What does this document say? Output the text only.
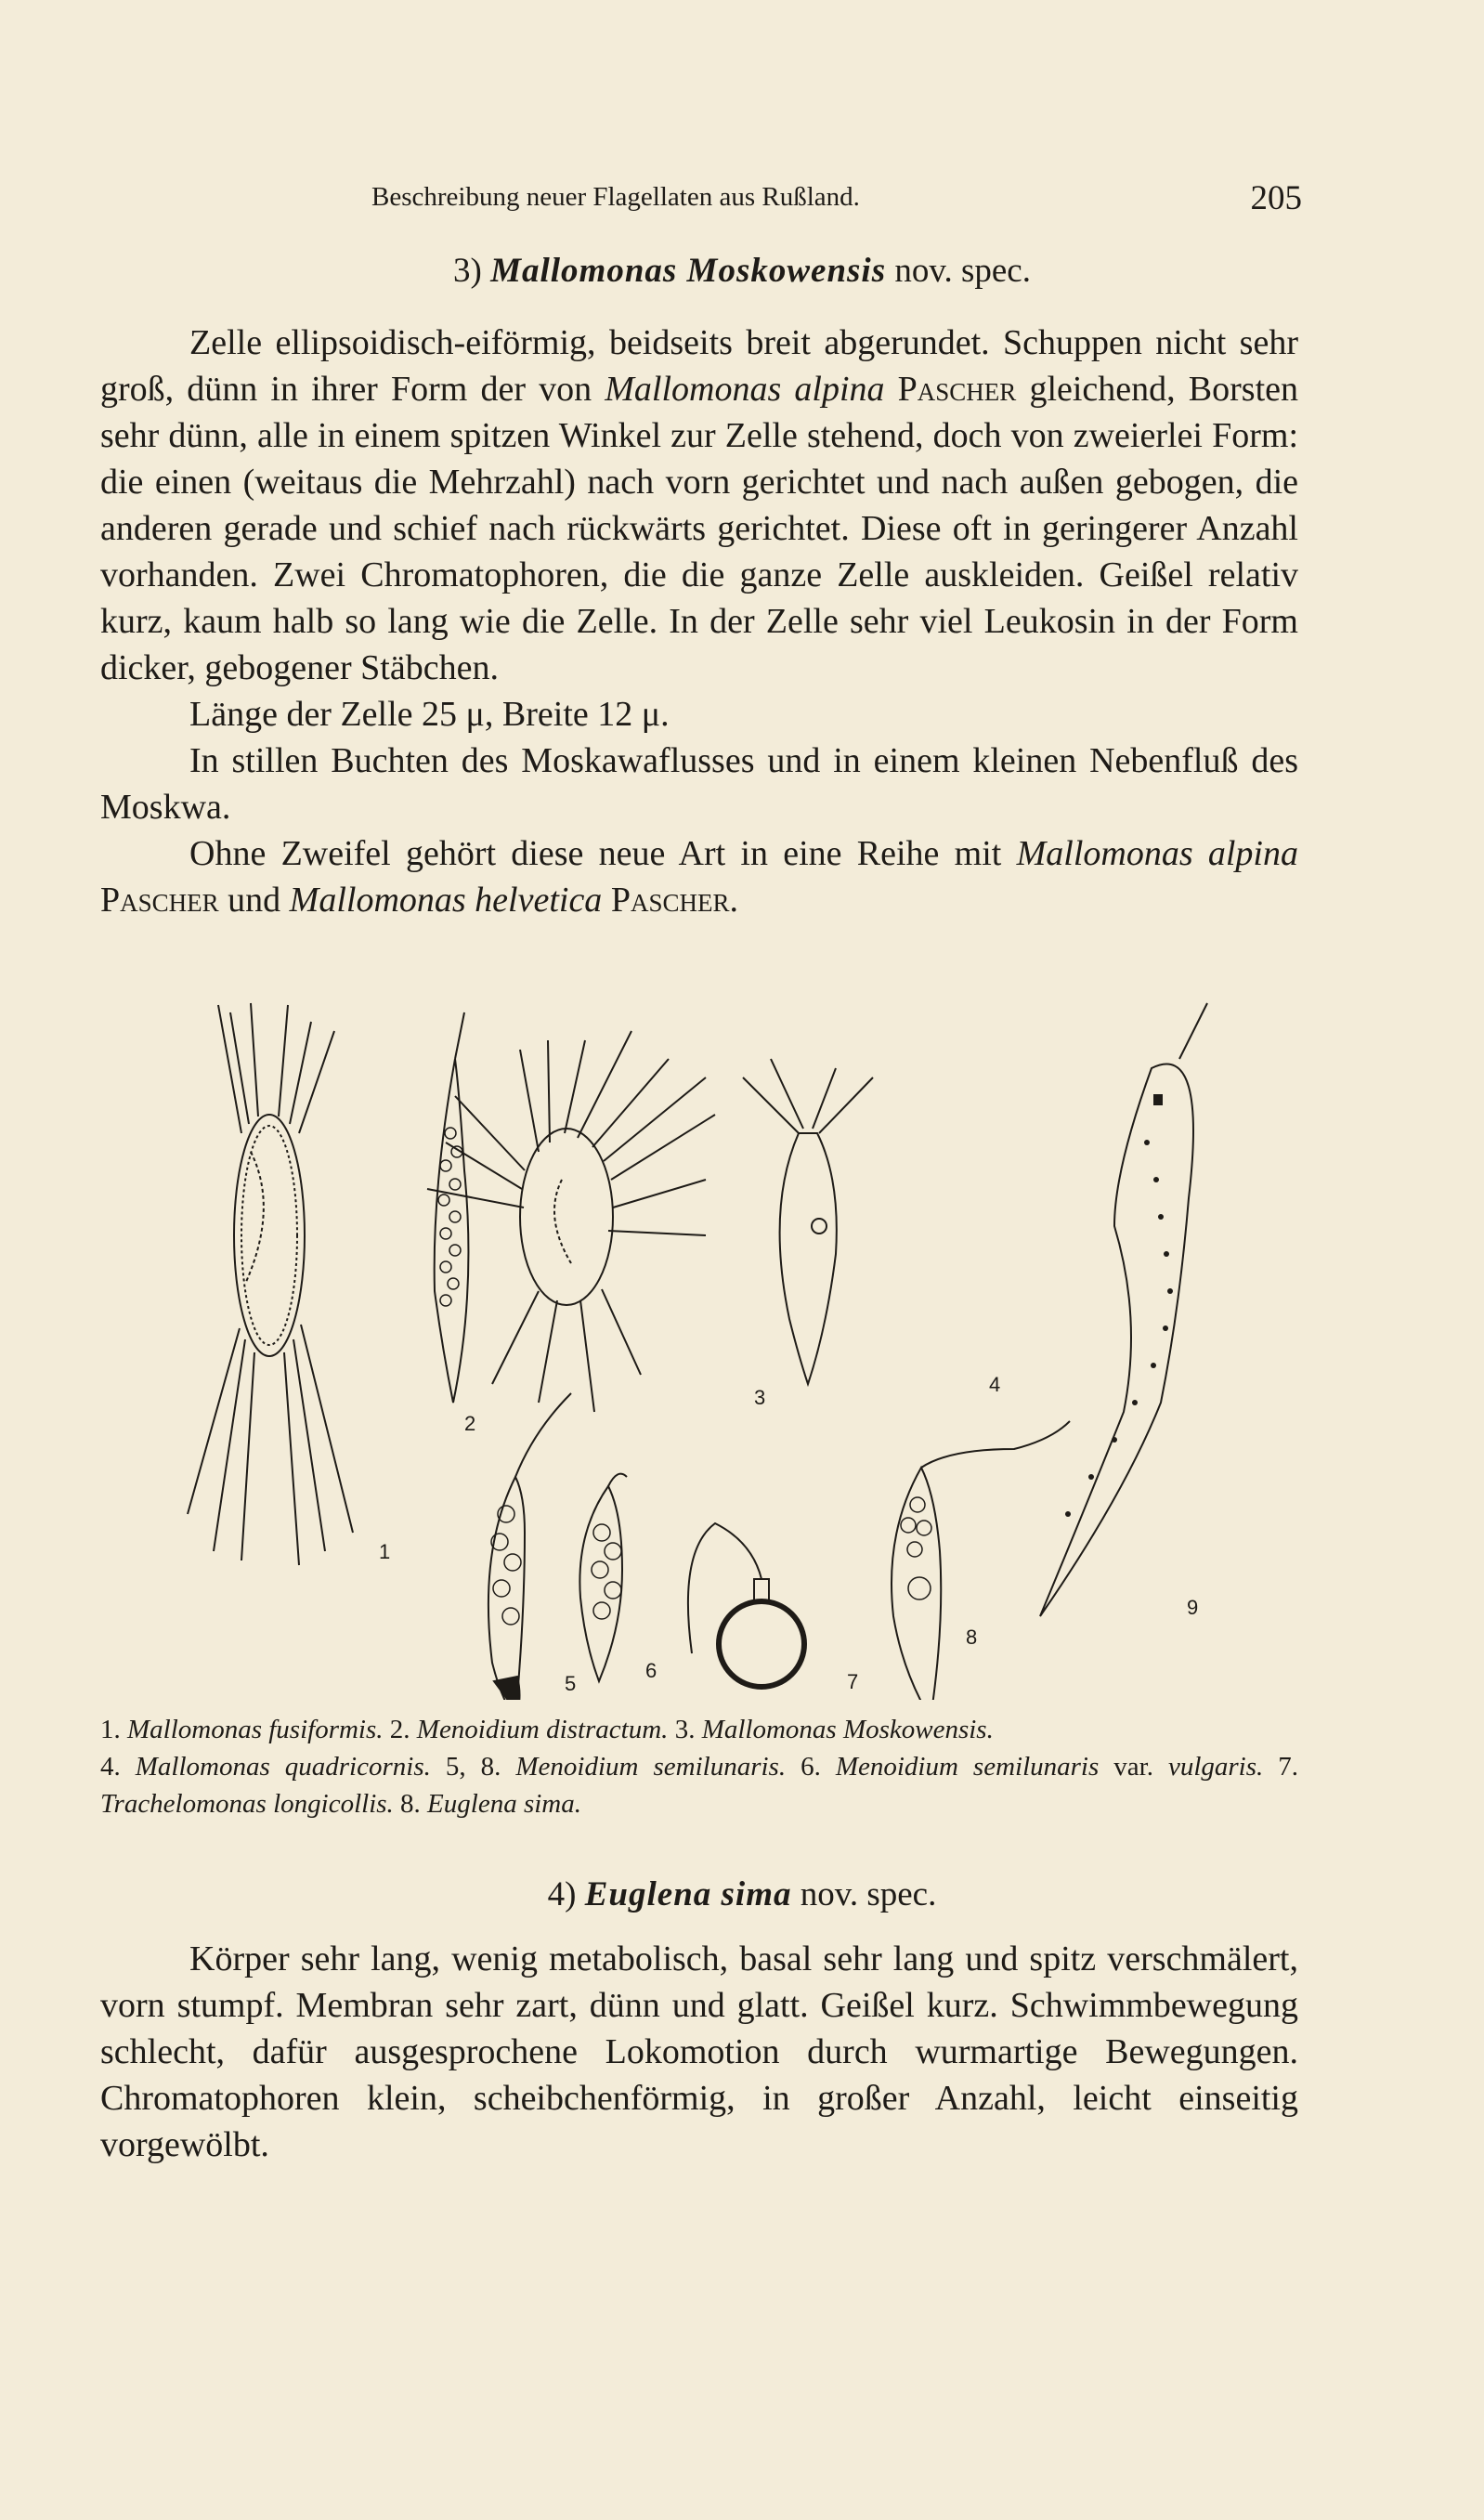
Beschreibung neuer Flagellaten aus Rußland.	205
3) Mallomonas Moskowensis nov. spec.

Zelle ellipsoidisch-eiförmig, beidseits breit abgerundet. Schuppen nicht sehr groß, dünn in ihrer Form der von Mallomonas alpina Pascher gleichend, Borsten sehr dünn, alle in einem spitzen Winkel zur Zelle stehend, doch von zweierlei Form: die einen (weitaus die Mehrzahl) nach vorn gerichtet und nach außen gebogen, die anderen gerade und schief nach rückwärts gerichtet. Diese oft in geringerer Anzahl vorhanden. Zwei Chromatophoren, die die ganze Zelle auskleiden. Geißel relativ kurz, kaum halb so lang wie die Zelle. In der Zelle sehr viel Leukosin in der Form dicker, gebogener Stäbchen.

Länge der Zelle 25 μ, Breite 12 μ.

In stillen Buchten des Moskawaflusses und in einem kleinen Nebenfluß des Moskwa.

Ohne Zweifel gehört diese neue Art in eine Reihe mit Mallomonas alpina Pascher und Mallomonas helvetica Pascher.

1
2
3
4
5
6	7
8
9
1. Mallomonas fusiformis. 2. Menoidium distractum. 3. Mallomonas Moskowensis.
4. Mallomonas quadricornis. 5, 8. Menoidium semilunaris. 6. Menoidium semilunaris var. vulgaris. 7. Trachelomonas longicollis. 8. Euglena sima.
4) Euglena sima nov. spec.

Körper sehr lang, wenig metabolisch, basal sehr lang und spitz verschmälert, vorn stumpf. Membran sehr zart, dünn und glatt. Geißel kurz. Schwimmbewegung schlecht, dafür ausgesprochene Lokomotion durch wurmartige Bewegungen. Chromatophoren klein, scheibchenförmig, in großer Anzahl, leicht einseitig vorgewölbt.
